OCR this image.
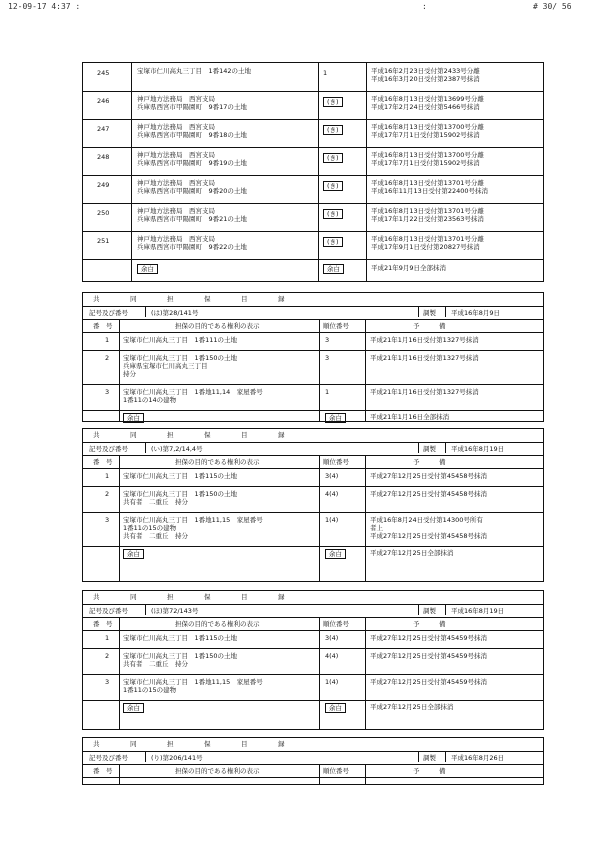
12-09-17 4:37 :	:	# 30/ 56
245	宝塚市仁川高丸三丁目　1番142の土地	1	平成16年2月23日受付第2433号分離
平成16年3月20日受付第2387号抹消
246	神戸地方法務局　西宮支局
兵庫県西宮市甲陽園町　9番17の土地
(き)	平成16年8月13日受付第13699号分離
平成17年2月24日受付第5466号抹消
247	神戸地方法務局　西宮支局
兵庫県西宮市甲陽園町　9番18の土地
(き)	平成16年8月13日受付第13700号分離
平成17年7月1日受付第15902号抹消
248	神戸地方法務局　西宮支局
兵庫県西宮市甲陽園町　9番19の土地
(き)	平成16年8月13日受付第13700号分離
平成17年7月1日受付第15902号抹消
249	神戸地方法務局　西宮支局
兵庫県西宮市甲陽園町　9番20の土地
(き)	平成16年8月13日受付第13701号分離
平成16年11月13日受付第22400号抹消
250	神戸地方法務局　西宮支局
兵庫県西宮市甲陽園町　9番21の土地
(き)	平成16年8月13日受付第13701号分離
平成17年1月22日受付第23563号抹消
251	神戸地方法務局　西宮支局
兵庫県西宮市甲陽園町　9番22の土地
(き)	平成16年8月13日受付第13701号分離
平成17年9月1日受付第20827号抹消
余白	余白	平成21年9月9日全部抹消
共　同　担　保　目　録
記号及び番号	(は)第28/141号	調製 平成16年8月9日
番　号	担保の目的である権利の表示	順位番号	予　　　備
1 宝塚市仁川高丸三丁目　1番111の土地	3	平成21年1月16日受付第1327号抹消
2 宝塚市仁川高丸三丁目　1番150の土地
兵庫県宝塚市仁川高丸三丁目
持分
3	平成21年1月16日受付第1327号抹消
3 宝塚市仁川高丸三丁目　1番地11,14　家屋番号
1番11の14の建物
1	平成21年1月16日受付第1327号抹消
余白	余白	平成21年1月16日全部抹消
共　同　担　保　目　録
記号及び番号	(い)第7,2/14,4号	調製 平成16年8月19日
番　号	担保の目的である権利の表示	順位番号	予　　　備
1 宝塚市仁川高丸三丁目　1番115の土地	3(4)	平成27年12月25日受付第45458号抹消
2 宝塚市仁川高丸三丁目　1番150の土地
共有者　二重丘　持分
4(4)	平成27年12月25日受付第45458号抹消
3 宝塚市仁川高丸三丁目　1番地11,15　家屋番号
1番11の15の建物
共有者　二重丘　持分
1(4)	平成16年8月24日受付第14300号所有
者上
平成27年12月25日受付第45458号抹消
余白	余白	平成27年12月25日全部抹消
共　同　担　保　目　録
記号及び番号	(ほ)第72/143号	調製 平成16年8月19日
番　号	担保の目的である権利の表示	順位番号	予　　　備
1 宝塚市仁川高丸三丁目　1番115の土地	3(4)	平成27年12月25日受付第45459号抹消
2 宝塚市仁川高丸三丁目　1番150の土地
共有者　二重丘　持分
4(4)	平成27年12月25日受付第45459号抹消
3 宝塚市仁川高丸三丁目　1番地11,15　家屋番号
1番11の15の建物
1(4)	平成27年12月25日受付第45459号抹消
余白	余白	平成27年12月25日全部抹消
共　同　担　保　目　録
記号及び番号	(り)第206/141号	調製 平成16年8月26日
番　号	担保の目的である権利の表示	順位番号	予　　　備
